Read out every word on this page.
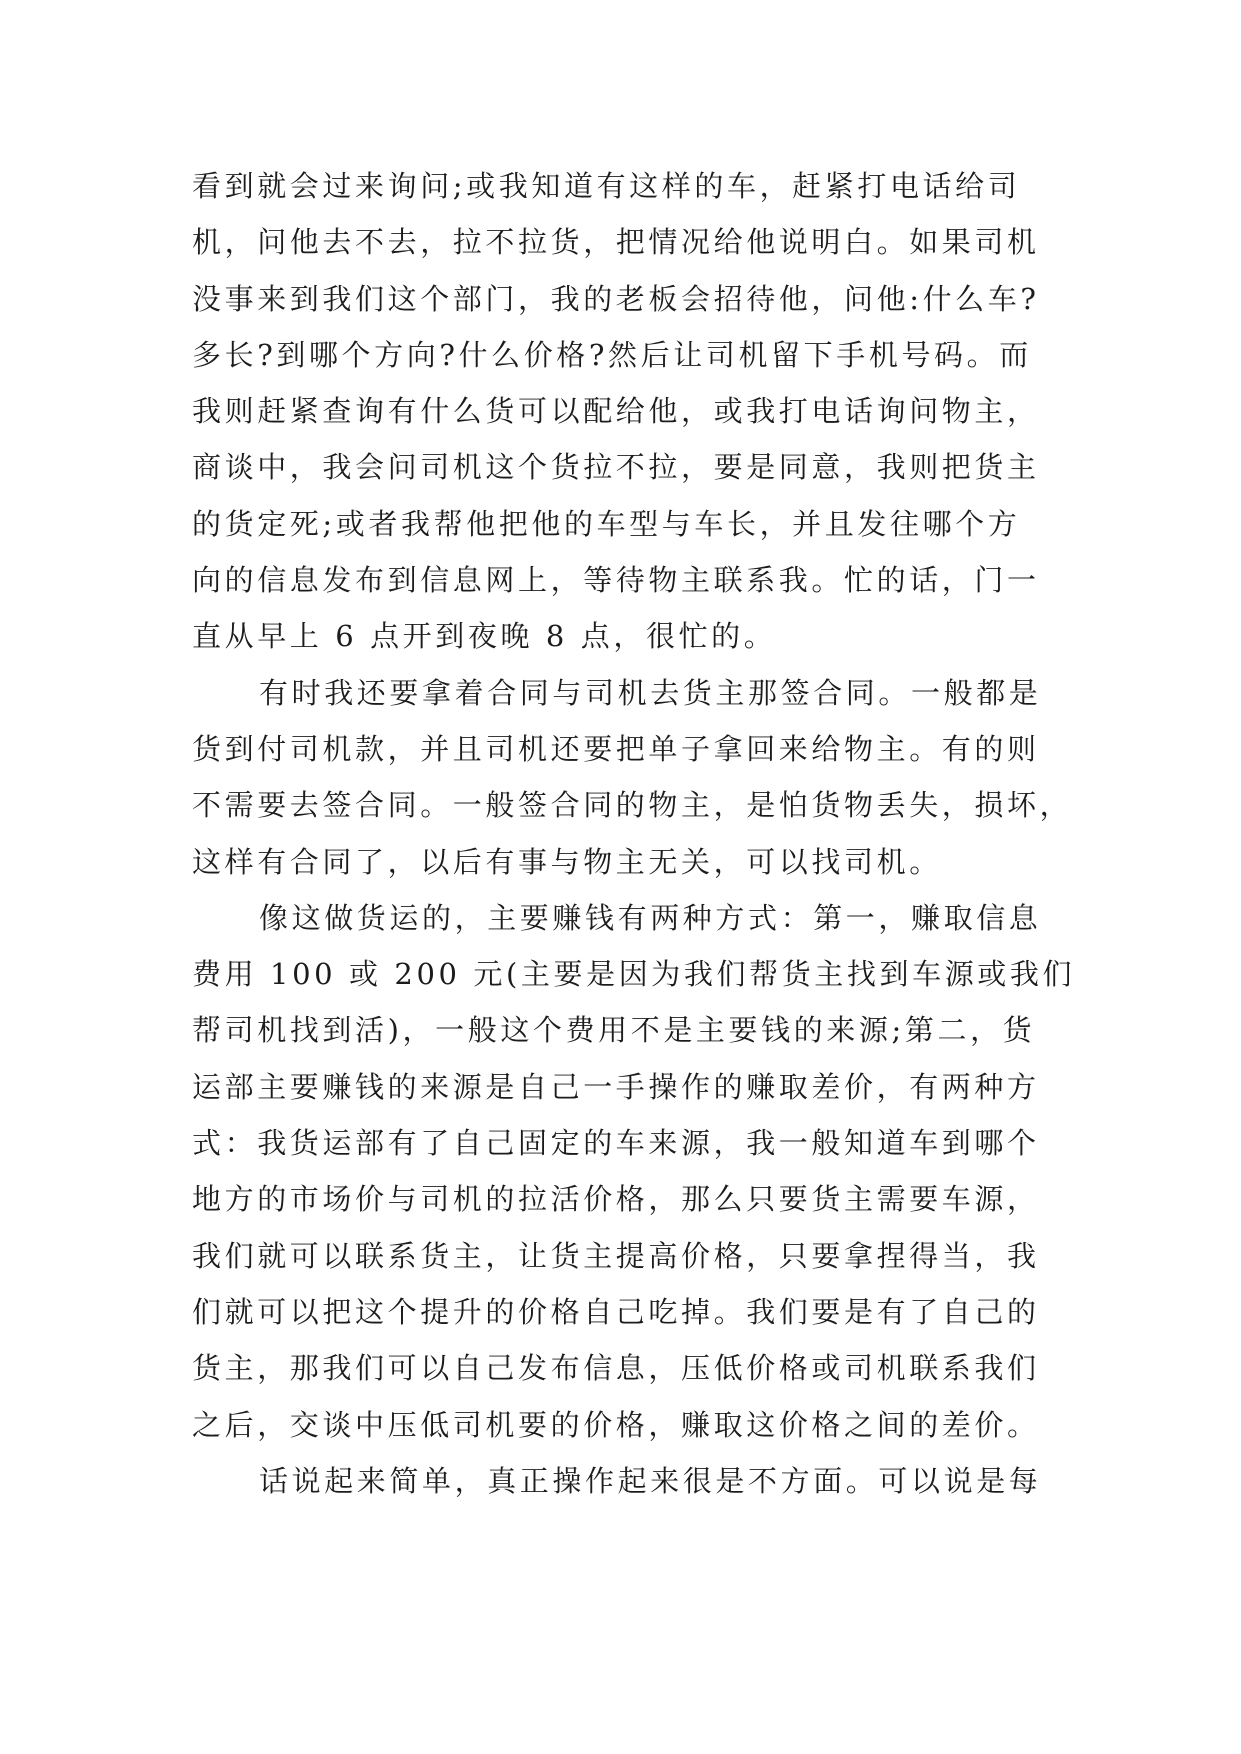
看到就会过来询问;或我知道有这样的车，赶紧打电话给司
机，问他去不去，拉不拉货，把情况给他说明白。如果司机
没事来到我们这个部门，我的老板会招待他，问他:什么车?
多长?到哪个方向?什么价格?然后让司机留下手机号码。而
我则赶紧查询有什么货可以配给他，或我打电话询问物主，
商谈中，我会问司机这个货拉不拉，要是同意，我则把货主
的货定死;或者我帮他把他的车型与车长，并且发往哪个方
向的信息发布到信息网上，等待物主联系我。忙的话，门一
直从早上 6 点开到夜晚 8 点，很忙的。
有时我还要拿着合同与司机去货主那签合同。一般都是
货到付司机款，并且司机还要把单子拿回来给物主。有的则
不需要去签合同。一般签合同的物主，是怕货物丢失，损坏，
这样有合同了，以后有事与物主无关，可以找司机。
像这做货运的，主要赚钱有两种方式：第一，赚取信息
费用 100 或 200 元(主要是因为我们帮货主找到车源或我们
帮司机找到活)，一般这个费用不是主要钱的来源;第二，货
运部主要赚钱的来源是自己一手操作的赚取差价，有两种方
式：我货运部有了自己固定的车来源，我一般知道车到哪个
地方的市场价与司机的拉活价格，那么只要货主需要车源，
我们就可以联系货主，让货主提高价格，只要拿捏得当，我
们就可以把这个提升的价格自己吃掉。我们要是有了自己的
货主，那我们可以自己发布信息，压低价格或司机联系我们
之后，交谈中压低司机要的价格，赚取这价格之间的差价。
话说起来简单，真正操作起来很是不方面。可以说是每
